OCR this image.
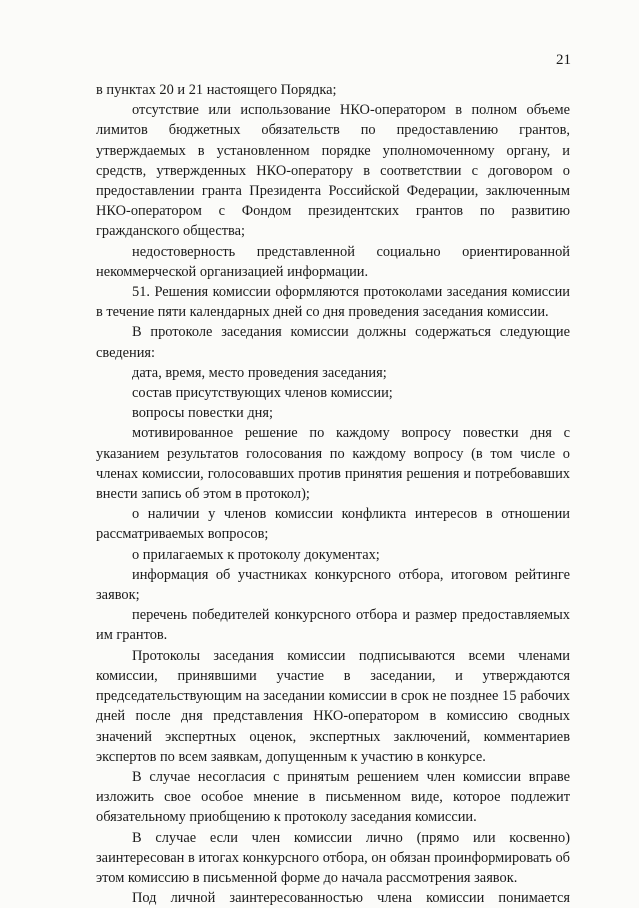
21

в пунктах 20 и 21 настоящего Порядка;

отсутствие или использование НКО-оператором в полном объеме лимитов бюджетных обязательств по предоставлению грантов, утверждаемых в установленном порядке уполномоченному органу, и средств, утвержденных НКО-оператору в соответствии с договором о предоставлении гранта Президента Российской Федерации, заключенным НКО-оператором с Фондом президентских грантов по развитию гражданского общества;

недостоверность представленной социально ориентированной некоммерческой организацией информации.

51. Решения комиссии оформляются протоколами заседания комиссии в течение пяти календарных дней со дня проведения заседания комиссии.

В протоколе заседания комиссии должны содержаться следующие сведения:

дата, время, место проведения заседания;

состав присутствующих членов комиссии;

вопросы повестки дня;

мотивированное решение по каждому вопросу повестки дня с указанием результатов голосования по каждому вопросу (в том числе о членах комиссии, голосовавших против принятия решения и потребовавших внести запись об этом в протокол);

о наличии у членов комиссии конфликта интересов в отношении рассматриваемых вопросов;

о прилагаемых к протоколу документах;

информация об участниках конкурсного отбора, итоговом рейтинге заявок;

перечень победителей конкурсного отбора и размер предоставляемых им грантов.

Протоколы заседания комиссии подписываются всеми членами комиссии, принявшими участие в заседании, и утверждаются председательствующим на заседании комиссии в срок не позднее 15 рабочих дней после дня представления НКО-оператором в комиссию сводных значений экспертных оценок, экспертных заключений, комментариев экспертов по всем заявкам, допущенным к участию в конкурсе.

В случае несогласия с принятым решением член комиссии вправе изложить свое особое мнение в письменном виде, которое подлежит обязательному приобщению к протоколу заседания комиссии.

В случае если член комиссии лично (прямо или косвенно) заинтересован в итогах конкурсного отбора, он обязан проинформировать об этом комиссию в письменной форме до начала рассмотрения заявок.

Под личной заинтересованностью члена комиссии понимается
